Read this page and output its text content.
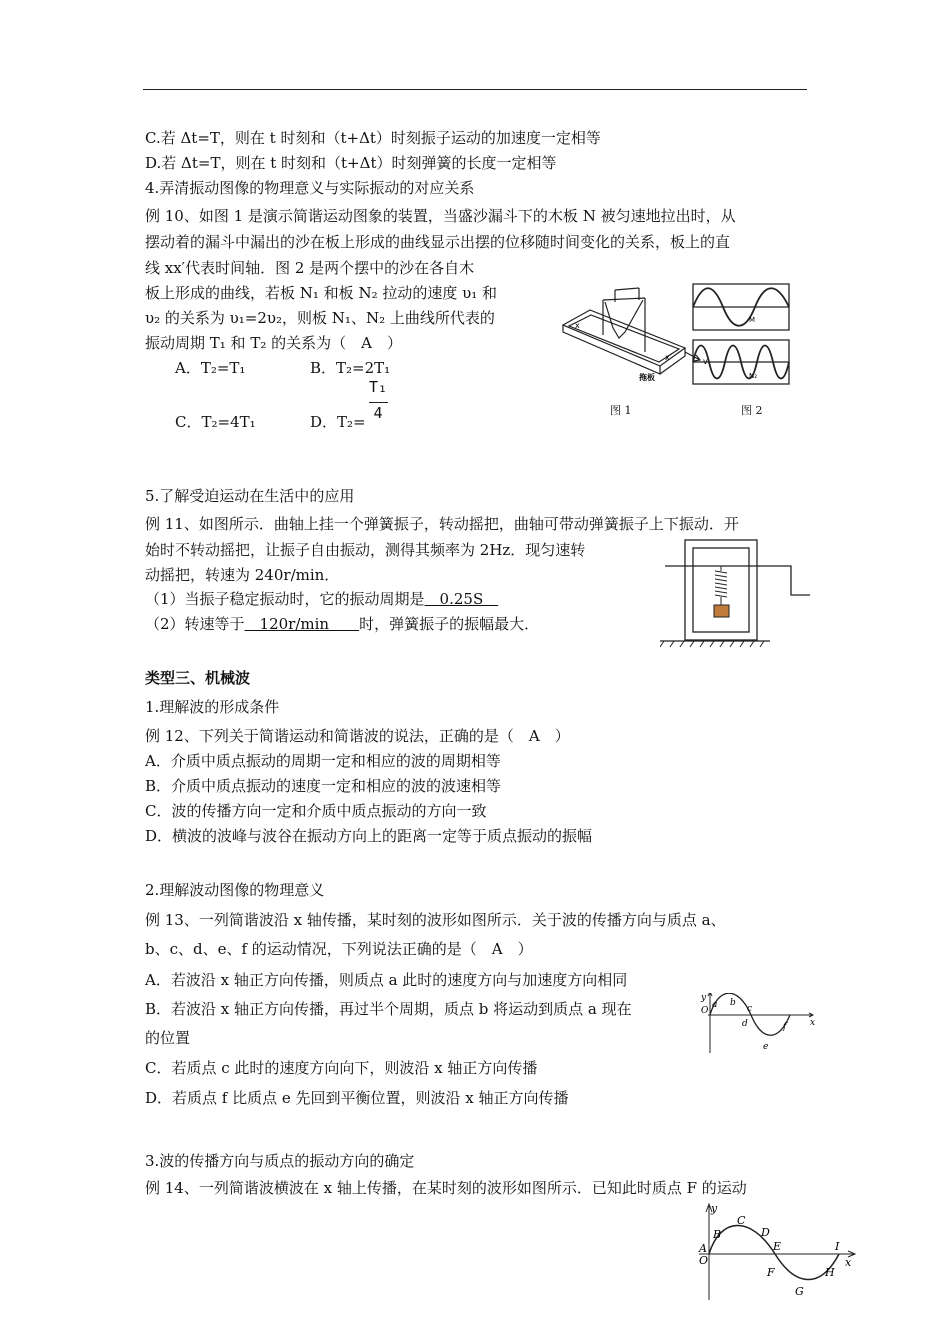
C.若 Δt=T，则在 t 时刻和（t+Δt）时刻振子运动的加速度一定相等
D.若 Δt=T，则在 t 时刻和（t+Δt）时刻弹簧的长度一定相等
4.弄清振动图像的物理意义与实际振动的对应关系
例 10、如图 1 是演示简谐运动图象的装置，当盛沙漏斗下的木板 N 被匀速地拉出时，从
摆动着的漏斗中漏出的沙在板上形成的曲线显示出摆的位移随时间变化的关系，板上的直
线 xx′代表时间轴．图 2 是两个摆中的沙在各自木
板上形成的曲线，若板 N₁ 和板 N₂ 拉动的速度 υ₁ 和
υ₂ 的关系为 υ₁=2υ₂，则板 N₁、N₂ 上曲线所代表的
振动周期 T₁ 和 T₂ 的关系为（　A　）
A．T₂=T₁	B．T₂=2T₁
C．T₂=4T₁	D．T₂=
T₁
4
x
x′	v
拖板
M
N₂
图 1	图 2
5.了解受迫运动在生活中的应用
例 11、如图所示．曲轴上挂一个弹簧振子，转动摇把，曲轴可带动弹簧振子上下振动．开
始时不转动摇把，让振子自由振动，测得其频率为 2Hz．现匀速转
动摇把，转速为 240r/min．
（1）当振子稳定振动时，它的振动周期是　0.25S　
（2）转速等于　120r/min　　时，弹簧振子的振幅最大．
类型三、机械波
1.理解波的形成条件
例 12、下列关于简谐运动和简谐波的说法，正确的是（　A　）
A．介质中质点振动的周期一定和相应的波的周期相等
B．介质中质点振动的速度一定和相应的波的波速相等
C．波的传播方向一定和介质中质点振动的方向一致
D．横波的波峰与波谷在振动方向上的距离一定等于质点振动的振幅
2.理解波动图像的物理意义
例 13、一列简谐波沿 x 轴传播，某时刻的波形如图所示．关于波的传播方向与质点 a、
b、c、d、e、f 的运动情况，下列说法正确的是（　A　）
A．若波沿 x 轴正方向传播，则质点 a 此时的速度方向与加速度方向相同
B．若波沿 x 轴正方向传播，再过半个周期，质点 b 将运动到质点 a 现在
的位置
C．若质点 c 此时的速度方向向下，则波沿 x 轴正方向传播
D．若质点 f 比质点 e 先回到平衡位置，则波沿 x 轴正方向传播
y
x
O
a b
c
d
e
f
3.波的传播方向与质点的振动方向的确定
例 14、一列简谐波横波在 x 轴上传播，在某时刻的波形如图所示．已知此时质点 F 的运动
y
x
O
A
B
C
D
E
F
G
H
I
